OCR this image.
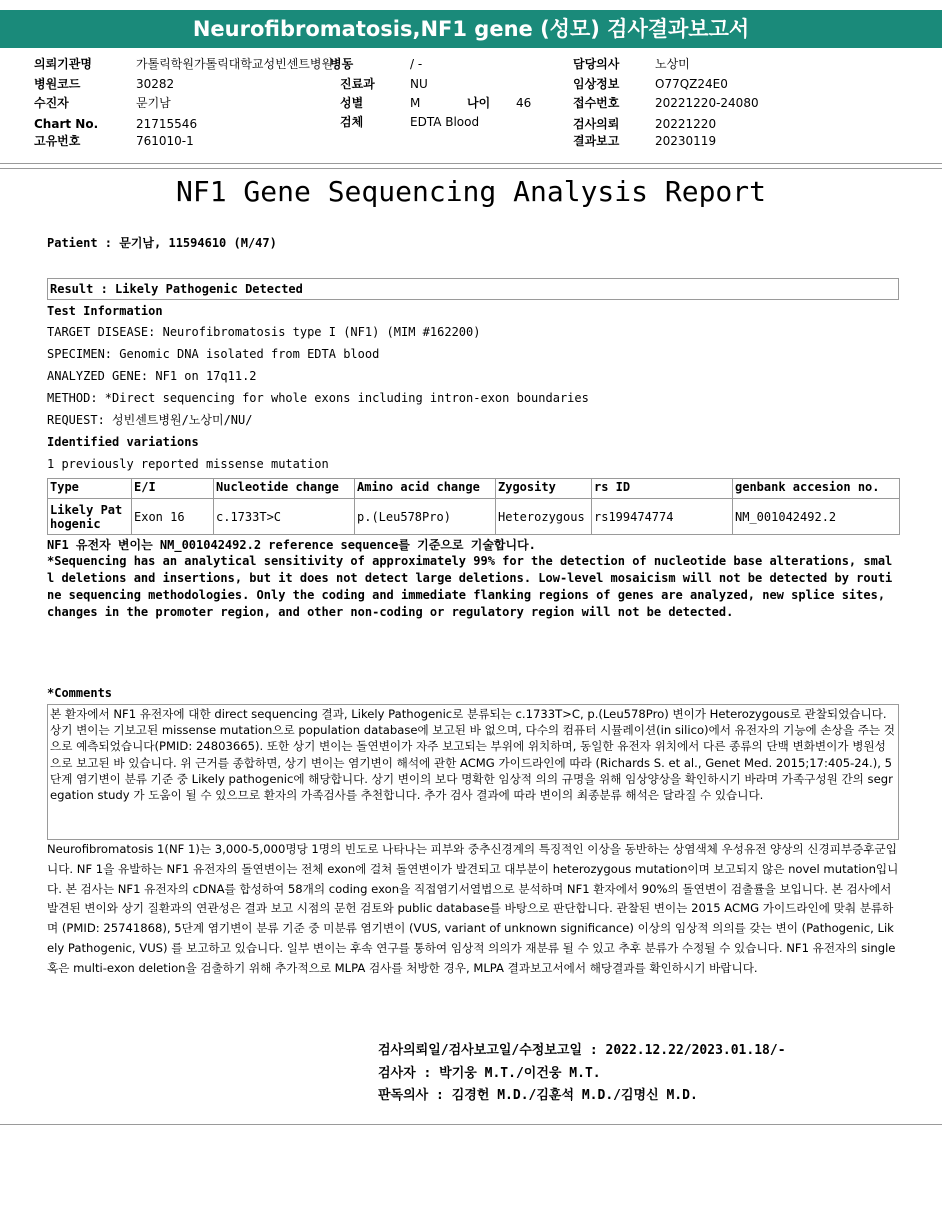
Neurofibromatosis,NF1 gene (성모) 검사결과보고서
의뢰기관명	가톨릭학원가톨릭대학교성빈센트병원
병동	/ -	담당의사	노상미
병원코드	30282	진료과	NU	임상정보	O77QZ24E0
수진자	문기남	성별	M	나이 46	접수번호	20221220-24080
Chart No.	21715546	검체	EDTA Blood	검사의뢰	20221220
고유번호	761010-1	결과보고	20230119
NF1 Gene Sequencing Analysis Report
Patient : 문기남, 11594610 (M/47)
Result : Likely Pathogenic Detected
Test Information
TARGET DISEASE: Neurofibromatosis type I (NF1) (MIM #162200)
SPECIMEN: Genomic DNA isolated from EDTA blood
ANALYZED GENE: NF1 on 17q11.2
METHOD: *Direct sequencing for whole exons including intron-exon boundaries
REQUEST: 성빈센트병원/노상미/NU/
Identified variations
1 previously reported missense mutation
Type	E/I	Nucleotide change	Amino acid change	Zygosity	rs ID	genbank accesion no.
Likely Pathogenic	Exon 16	c.1733T>C	p.(Leu578Pro)	Heterozygous	rs199474774	NM_001042492.2
NF1 유전자 변이는 NM_001042492.2 reference sequence를 기준으로 기술합니다.
*Sequencing has an analytical sensitivity of approximately 99% for the detection of nucleotide base alterations, small deletions and insertions, but it does not detect large deletions. Low-level mosaicism will not be detected by routine sequencing methodologies. Only the coding and immediate flanking regions of genes are analyzed, new splice sites, changes in the promoter region, and other non-coding or regulatory region will not be detected.
*Comments
본 환자에서 NF1 유전자에 대한 direct sequencing 결과, Likely Pathogenic로 분류되는 c.1733T>C, p.(Leu578Pro) 변이가 Heterozygous로 관찰되었습니다. 상기 변이는 기보고된 missense mutation으로 population database에 보고된 바 없으며, 다수의 컴퓨터 시뮬레이션(in silico)에서 유전자의 기능에 손상을 주는 것으로 예측되었습니다(PMID: 24803665). 또한 상기 변이는 돌연변이가 자주 보고되는 부위에 위치하며, 동일한 유전자 위치에서 다른 종류의 단백 변화변이가 병원성으로 보고된 바 있습니다. 위 근거를 종합하면, 상기 변이는 염기변이 해석에 관한 ACMG 가이드라인에 따라 (Richards S. et al., Genet Med. 2015;17:405-24.), 5단계 염기변이 분류 기준 중 Likely pathogenic에 해당합니다. 상기 변이의 보다 명확한 임상적 의의 규명을 위해 임상양상을 확인하시기 바라며 가족구성원 간의 segregation study 가 도움이 될 수 있으므로 환자의 가족검사를 추천합니다. 추가 검사 결과에 따라 변이의 최종분류 해석은 달라질 수 있습니다.
Neurofibromatosis 1(NF 1)는 3,000-5,000명당 1명의 빈도로 나타나는 피부와 중추신경계의 특징적인 이상을 동반하는 상염색체 우성유전 양상의 신경피부증후군입니다. NF 1을 유발하는 NF1 유전자의 돌연변이는 전체 exon에 걸쳐 돌연변이가 발견되고 대부분이 heterozygous mutation이며 보고되지 않은 novel mutation입니다. 본 검사는 NF1 유전자의 cDNA를 합성하여 58개의 coding exon을 직접염기서열법으로 분석하며 NF1 환자에서 90%의 돌연변이 검출률을 보입니다. 본 검사에서 발견된 변이와 상기 질환과의 연관성은 결과 보고 시점의 문헌 검토와 public database를 바탕으로 판단합니다. 관찰된 변이는 2015 ACMG 가이드라인에 맞춰 분류하며 (PMID: 25741868), 5단계 염기변이 분류 기준 중 미분류 염기변이 (VUS, variant of unknown significance) 이상의 임상적 의의를 갖는 변이 (Pathogenic, Likely Pathogenic, VUS) 를 보고하고 있습니다. 일부 변이는 후속 연구를 통하여 임상적 의의가 재분류 될 수 있고 추후 분류가 수정될 수 있습니다. NF1 유전자의 single 혹은 multi-exon deletion을 검출하기 위해 추가적으로 MLPA 검사를 처방한 경우, MLPA 결과보고서에서 해당결과를 확인하시기 바랍니다.
검사의뢰일/검사보고일/수정보고일 : 2022.12.22/2023.01.18/-
검사자 : 박기웅 M.T./이건웅 M.T.
판독의사 : 김경헌 M.D./김훈석 M.D./김명신 M.D.
